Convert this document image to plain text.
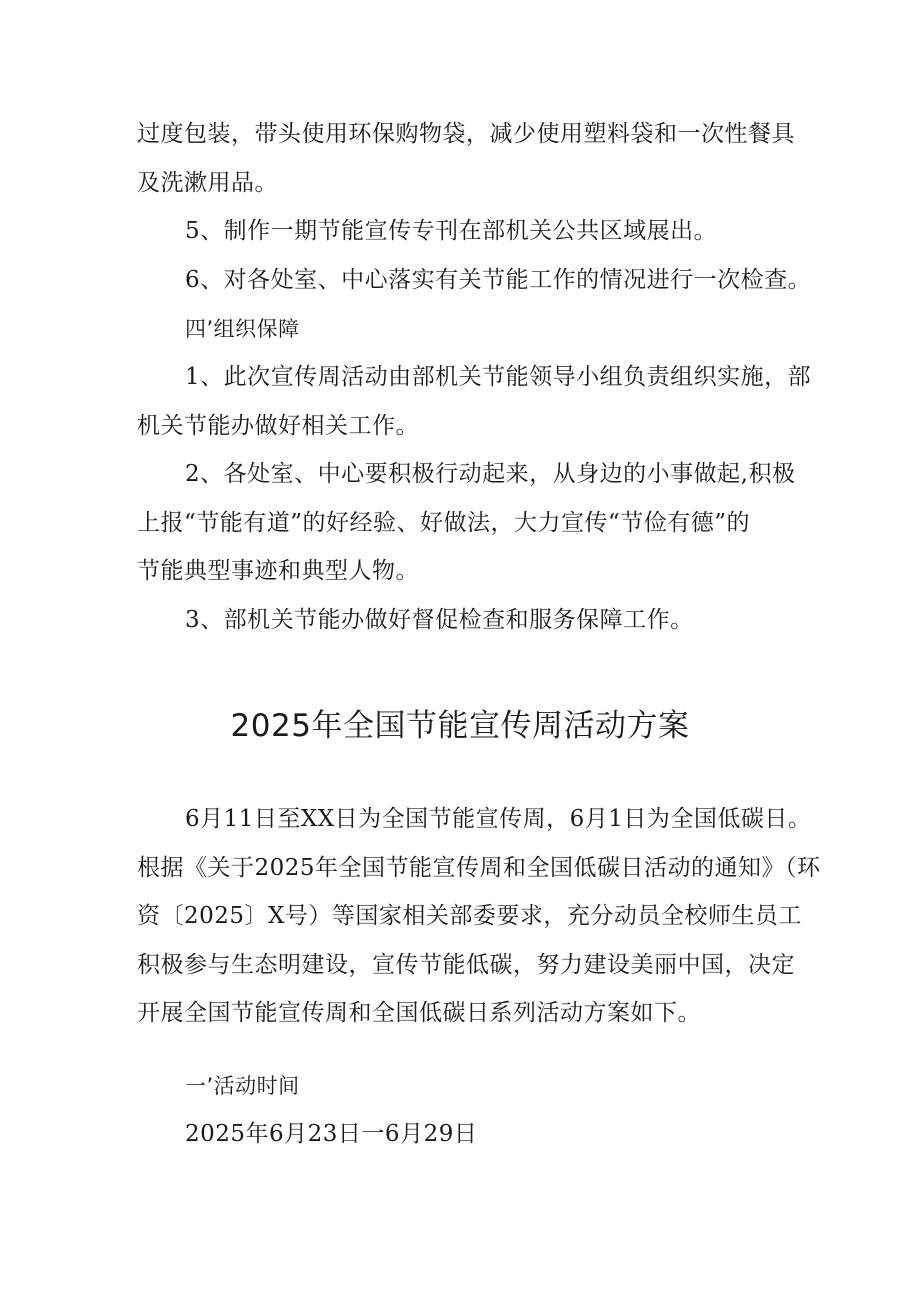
过度包装，带头使用环保购物袋，减少使用塑料袋和一次性餐具
及洗漱用品。
5、制作一期节能宣传专刊在部机关公共区域展出。
6、对各处室、中心落实有关节能工作的情况进行一次检查。
四’组织保障
1、此次宣传周活动由部机关节能领导小组负责组织实施，部
机关节能办做好相关工作。
2、各处室、中心要积极行动起来，从身边的小事做起,积极
上报“节能有道”的好经验、好做法，大力宣传“节俭有德”的
节能典型事迹和典型人物。
3、部机关节能办做好督促检查和服务保障工作。
2025年全国节能宣传周活动方案
6月11日至XX日为全国节能宣传周，6月1日为全国低碳日。
根据《关于2025年全国节能宣传周和全国低碳日活动的通知》（环
资〔2025〕X号）等国家相关部委要求，充分动员全校师生员工
积极参与生态明建设，宣传节能低碳，努力建设美丽中国，决定
开展全国节能宣传周和全国低碳日系列活动方案如下。
一’活动时间
2025年6月23日一6月29日
